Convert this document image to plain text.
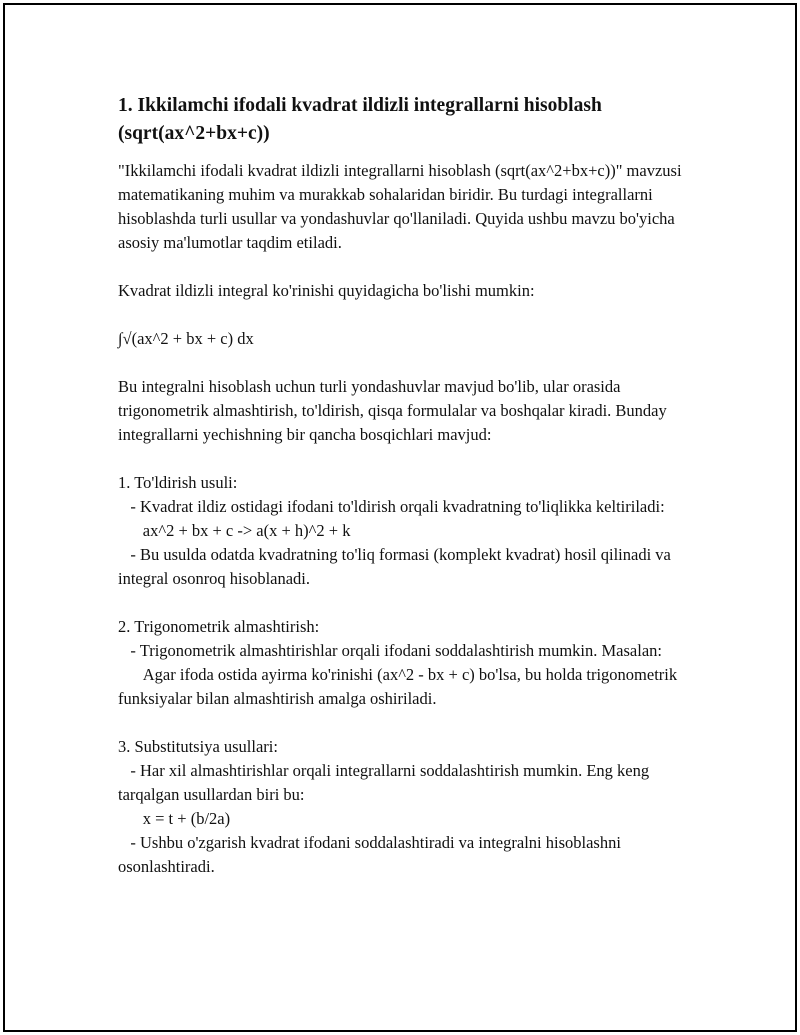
1. Ikkilamchi ifodali kvadrat ildizli integrallarni hisoblash (sqrt(ax^2+bx+c))

"Ikkilamchi ifodali kvadrat ildizli integrallarni hisoblash (sqrt(ax^2+bx+c))" mavzusi matematikaning muhim va murakkab sohalaridan biridir. Bu turdagi integrallarni hisoblashda turli usullar va yondashuvlar qo'llaniladi. Quyida ushbu mavzu bo'yicha asosiy ma'lumotlar taqdim etiladi.

Kvadrat ildizli integral ko'rinishi quyidagicha bo'lishi mumkin:

∫√(ax^2 + bx + c) dx

Bu integralni hisoblash uchun turli yondashuvlar mavjud bo'lib, ular orasida trigonometrik almashtirish, to'ldirish, qisqa formulalar va boshqalar kiradi. Bunday integrallarni yechishning bir qancha bosqichlari mavjud:

1. To'ldirish usuli:
- Kvadrat ildiz ostidagi ifodani to'ldirish orqali kvadratning to'liqlikka keltiriladi:
ax^2 + bx + c -> a(x + h)^2 + k
- Bu usulda odatda kvadratning to'liq formasi (komplekt kvadrat) hosil qilinadi va integral osonroq hisoblanadi.

2. Trigonometrik almashtirish:
- Trigonometrik almashtirishlar orqali ifodani soddalashtirish mumkin. Masalan:
Agar ifoda ostida ayirma ko'rinishi (ax^2 - bx + c) bo'lsa, bu holda trigonometrik funksiyalar bilan almashtirish amalga oshiriladi.

3. Substitutsiya usullari:
- Har xil almashtirishlar orqali integrallarni soddalashtirish mumkin. Eng keng tarqalgan usullardan biri bu:
x = t + (b/2a)
- Ushbu o'zgarish kvadrat ifodani soddalashtiradi va integralni hisoblashni osonlashtiradi.
